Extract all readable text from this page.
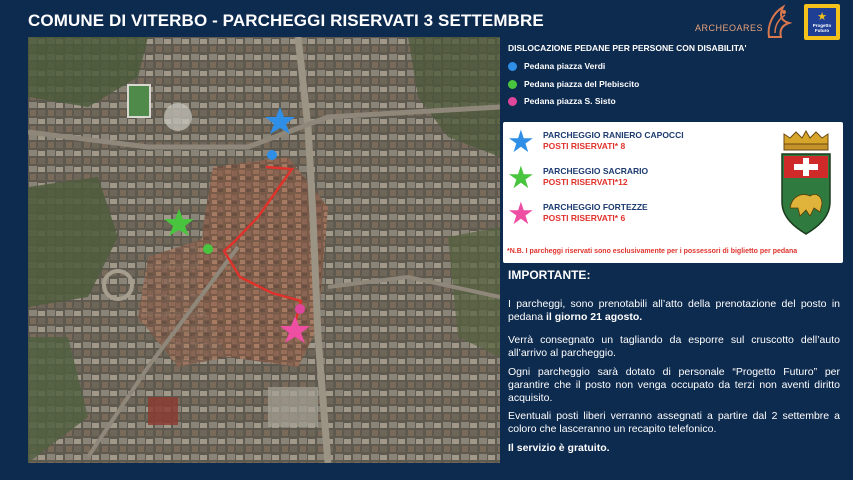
COMUNE DI VITERBO - PARCHEGGI RISERVATI 3 SETTEMBRE	ARCHEOARES
★
Progetto
Futuro
DISLOCAZIONE PEDANE PER PERSONE CON DISABILITA'
Pedana piazza Verdi
Pedana piazza del Plebiscito
Pedana piazza S. Sisto
★ PARCHEGGIO RANIERO CAPOCCI
POSTI RISERVATI* 8
★ PARCHEGGIO SACRARIO
POSTI RISERVATI*12
★ PARCHEGGIO FORTEZZE
POSTI RISERVATI* 6
*N.B. I parcheggi riservati sono esclusivamente per i possessori di biglietto per pedana
IMPORTANTE:
I parcheggi, sono prenotabili all’atto della prenotazione del posto in pedana il giorno 21 agosto.
Verrà consegnato un tagliando da esporre sul cruscotto dell’auto all’arrivo al parcheggio.
Ogni parcheggio sarà dotato di personale “Progetto Futuro” per garantire che il posto non venga occupato da terzi non aventi diritto acquisito.
Eventuali posti liberi verranno assegnati a partire dal 2 settembre a coloro che lasceranno un recapito telefonico.
Il servizio è gratuito.
